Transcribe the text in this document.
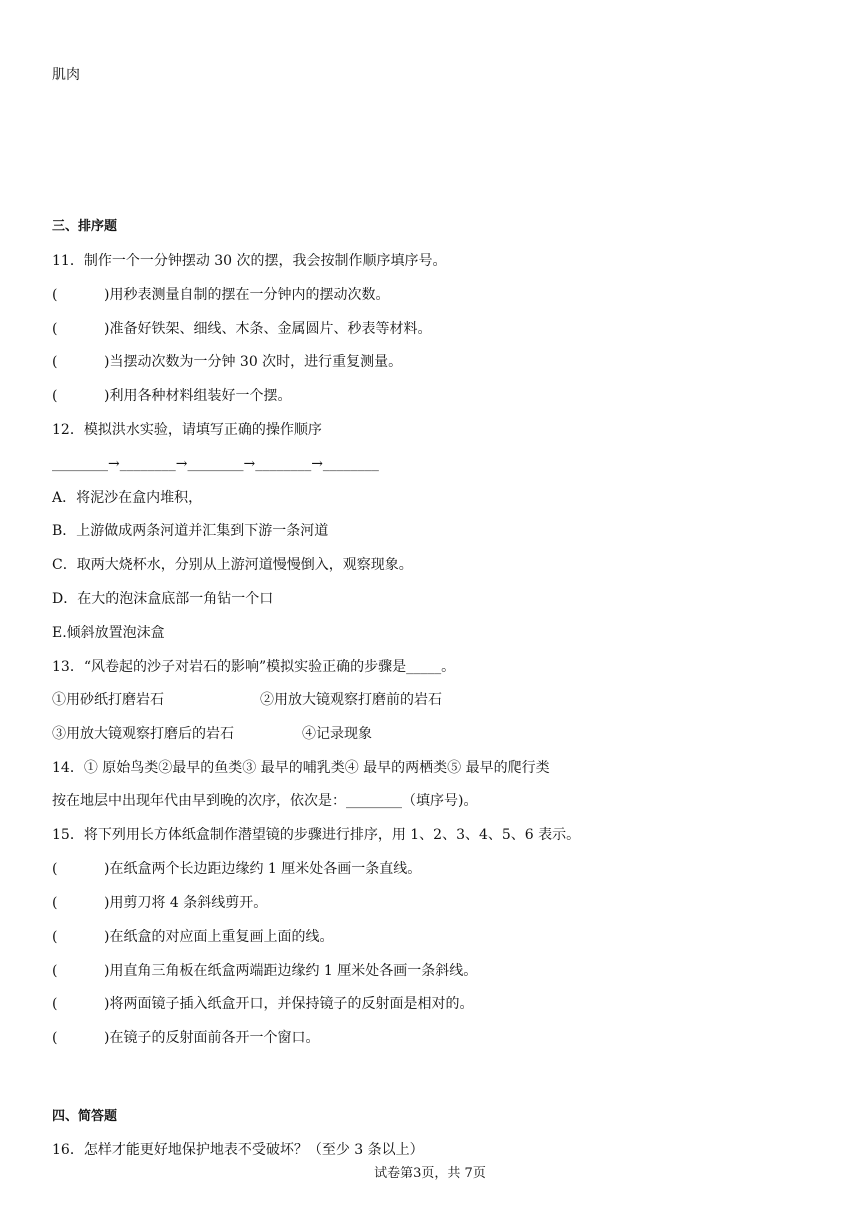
肌肉
三、排序题
11．制作一个一分钟摆动 30 次的摆，我会按制作顺序填序号。
(	)用秒表测量自制的摆在一分钟内的摆动次数。
(	)准备好铁架、细线、木条、金属圆片、秒表等材料。
(	)当摆动次数为一分钟 30 次时，进行重复测量。
(	)利用各种材料组装好一个摆。
12．模拟洪水实验，请填写正确的操作顺序
________→________→________→________→________
A．将泥沙在盒内堆积，
B．上游做成两条河道并汇集到下游一条河道
C．取两大烧杯水，分别从上游河道慢慢倒入，观察现象。
D．在大的泡沫盒底部一角钻一个口
E.倾斜放置泡沫盒
13．“风卷起的沙子对岩石的影响”模拟实验正确的步骤是_____。
①用砂纸打磨岩石	②用放大镜观察打磨前的岩石
③用放大镜观察打磨后的岩石	④记录现象
14．① 原始鸟类②最早的鱼类③ 最早的哺乳类④ 最早的两栖类⑤ 最早的爬行类
按在地层中出现年代由早到晚的次序，依次是：________（填序号)。
15．将下列用长方体纸盒制作潜望镜的步骤进行排序，用 1、2、3、4、5、6 表示。
(	)在纸盒两个长边距边缘约 1 厘米处各画一条直线。
(	)用剪刀将 4 条斜线剪开。
(	)在纸盒的对应面上重复画上面的线。
(	)用直角三角板在纸盒两端距边缘约 1 厘米处各画一条斜线。
(	)将两面镜子插入纸盒开口，并保持镜子的反射面是相对的。
(	)在镜子的反射面前各开一个窗口。
四、简答题
16．怎样才能更好地保护地表不受破坏？（至少 3 条以上）
试卷第3页，共 7页
